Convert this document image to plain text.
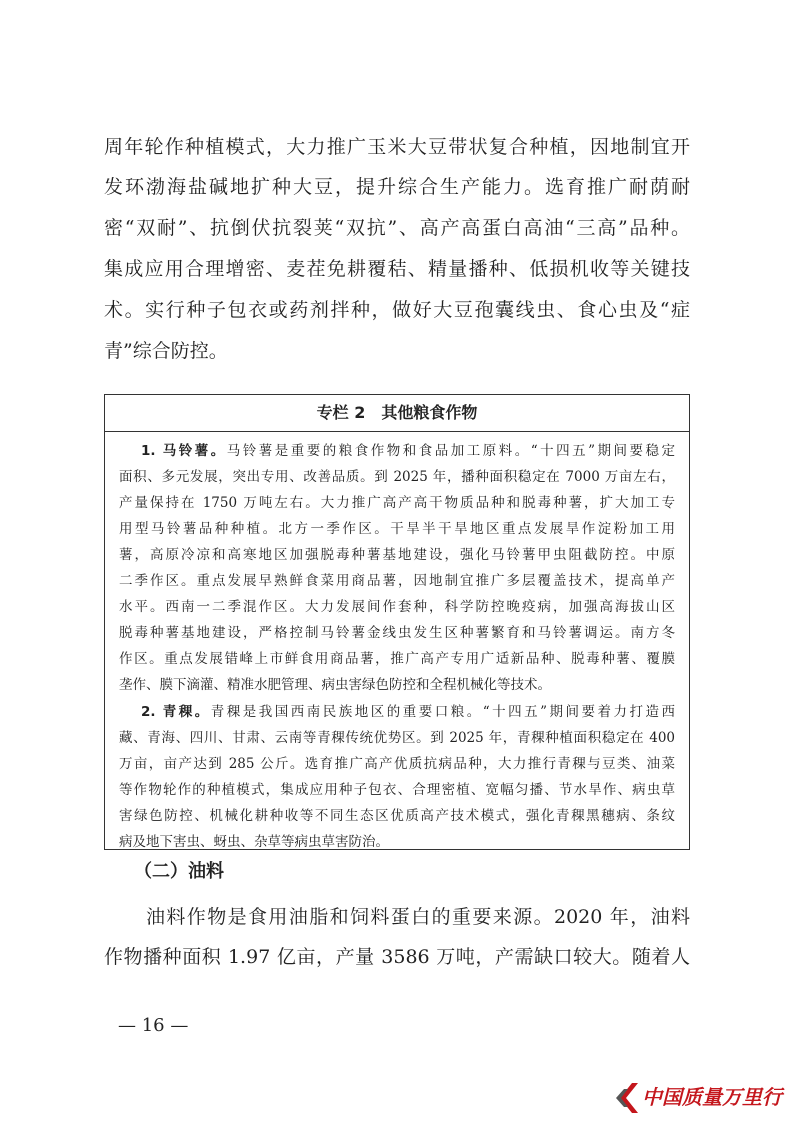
周年轮作种植模式，大力推广玉米大豆带状复合种植，因地制宜开
发环渤海盐碱地扩种大豆，提升综合生产能力。选育推广耐荫耐
密“双耐”、抗倒伏抗裂荚“双抗”、高产高蛋白高油“三高”品种。
集成应用合理增密、麦茬免耕覆秸、精量播种、低损机收等关键技
术。实行种子包衣或药剂拌种，做好大豆孢囊线虫、食心虫及“症
青”综合防控。
专栏 2　其他粮食作物
1. 马铃薯。马铃薯是重要的粮食作物和食品加工原料。“十四五”期间要稳定
面积、多元发展，突出专用、改善品质。到 2025 年，播种面积稳定在 7000 万亩左右，
产量保持在 1750 万吨左右。大力推广高产高干物质品种和脱毒种薯，扩大加工专
用型马铃薯品种种植。北方一季作区。干旱半干旱地区重点发展旱作淀粉加工用
薯，高原冷凉和高寒地区加强脱毒种薯基地建设，强化马铃薯甲虫阻截防控。中原
二季作区。重点发展早熟鲜食菜用商品薯，因地制宜推广多层覆盖技术，提高单产
水平。西南一二季混作区。大力发展间作套种，科学防控晚疫病，加强高海拔山区
脱毒种薯基地建设，严格控制马铃薯金线虫发生区种薯繁育和马铃薯调运。南方冬
作区。重点发展错峰上市鲜食用商品薯，推广高产专用广适新品种、脱毒种薯、覆膜
垄作、膜下滴灌、精准水肥管理、病虫害绿色防控和全程机械化等技术。
2. 青稞。青稞是我国西南民族地区的重要口粮。“十四五”期间要着力打造西
藏、青海、四川、甘肃、云南等青稞传统优势区。到 2025 年，青稞种植面积稳定在 400
万亩，亩产达到 285 公斤。选育推广高产优质抗病品种，大力推行青稞与豆类、油菜
等作物轮作的种植模式，集成应用种子包衣、合理密植、宽幅匀播、节水旱作、病虫草
害绿色防控、机械化耕种收等不同生态区优质高产技术模式，强化青稞黑穗病、条纹
病及地下害虫、蚜虫、杂草等病虫草害防治。
（二）油料
油料作物是食用油脂和饲料蛋白的重要来源。2020 年，油料
作物播种面积 1.97 亿亩，产量 3586 万吨，产需缺口较大。随着人
— 16 —
中国质量万里行
